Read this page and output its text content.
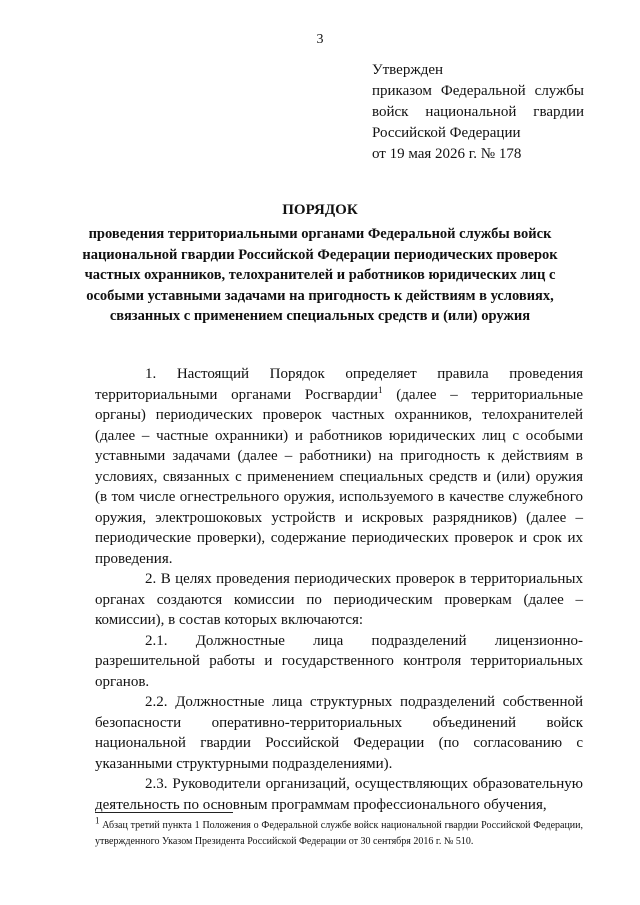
3
Утвержден
приказом Федеральной службы
войск национальной гвардии
Российской Федерации
от 19 мая 2026 г. № 178
ПОРЯДОК
проведения территориальными органами Федеральной службы войск национальной гвардии Российской Федерации периодических проверок частных охранников, телохранителей и работников юридических лиц с особыми уставными задачами на пригодность к действиям в условиях, связанных с применением специальных средств и (или) оружия

1. Настоящий Порядок определяет правила проведения территориальными органами Росгвардии$^1$ (далее – территориальные органы) периодических проверок частных охранников, телохранителей (далее – частные охранники) и работников юридических лиц с особыми уставными задачами (далее – работники) на пригодность к действиям в условиях, связанных с применением специальных средств и (или) оружия (в том числе огнестрельного оружия, используемого в качестве служебного оружия, электрошоковых устройств и искровых разрядников) (далее – периодические проверки), содержание периодических проверок и срок их проведения.

2. В целях проведения периодических проверок в территориальных органах создаются комиссии по периодическим проверкам (далее – комиссии), в состав которых включаются:

2.1. Должностные лица подразделений лицензионно-разрешительной работы и государственного контроля территориальных органов.

2.2. Должностные лица структурных подразделений собственной безопасности оперативно-территориальных объединений войск национальной гвардии Российской Федерации (по согласованию с указанными структурными подразделениями).

2.3. Руководители организаций, осуществляющих образовательную деятельность по основным программам профессионального обучения,

$^1$ Абзац третий пункта 1 Положения о Федеральной службе войск национальной гвардии Российской Федерации, утвержденного Указом Президента Российской Федерации от 30 сентября 2016 г. № 510.
